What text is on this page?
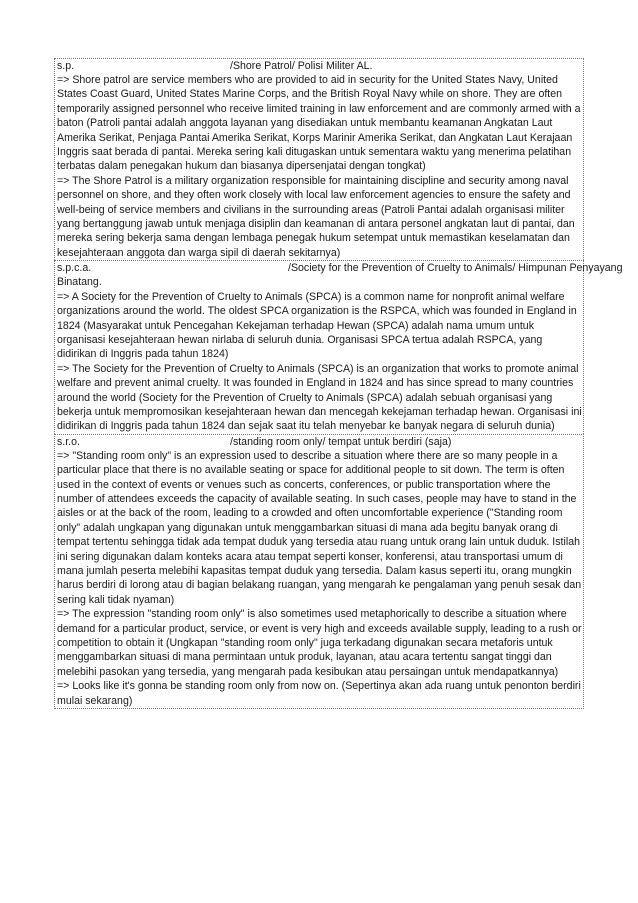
s.p.	/Shore Patrol/ Polisi Militer AL.

=> Shore patrol are service members who are provided to aid in security for the United States Navy, United States Coast Guard, United States Marine Corps, and the British Royal Navy while on shore. They are often temporarily assigned personnel who receive limited training in law enforcement and are commonly armed with a baton (Patroli pantai adalah anggota layanan yang disediakan untuk membantu keamanan Angkatan Laut Amerika Serikat, Penjaga Pantai Amerika Serikat, Korps Marinir Amerika Serikat, dan Angkatan Laut Kerajaan Inggris saat berada di pantai. Mereka sering kali ditugaskan untuk sementara waktu yang menerima pelatihan terbatas dalam penegakan hukum dan biasanya dipersenjatai dengan tongkat)

=> The Shore Patrol is a military organization responsible for maintaining discipline and security among naval personnel on shore, and they often work closely with local law enforcement agencies to ensure the safety and well-being of service members and civilians in the surrounding areas (Patroli Pantai adalah organisasi militer yang bertanggung jawab untuk menjaga disiplin dan keamanan di antara personel angkatan laut di pantai, dan mereka sering bekerja sama dengan lembaga penegak hukum setempat untuk memastikan keselamatan dan kesejahteraan anggota dan warga sipil di daerah sekitarnya)

s.p.c.a.	/Society for the Prevention of Cruelty to Animals/ Himpunan Penyayang
Binatang.

=> A Society for the Prevention of Cruelty to Animals (SPCA) is a common name for nonprofit animal welfare organizations around the world. The oldest SPCA organization is the RSPCA, which was founded in England in 1824 (Masyarakat untuk Pencegahan Kekejaman terhadap Hewan (SPCA) adalah nama umum untuk organisasi kesejahteraan hewan nirlaba di seluruh dunia. Organisasi SPCA tertua adalah RSPCA, yang didirikan di Inggris pada tahun 1824)

=> The Society for the Prevention of Cruelty to Animals (SPCA) is an organization that works to promote animal welfare and prevent animal cruelty. It was founded in England in 1824 and has since spread to many countries around the world (Society for the Prevention of Cruelty to Animals (SPCA) adalah sebuah organisasi yang bekerja untuk mempromosikan kesejahteraan hewan dan mencegah kekejaman terhadap hewan. Organisasi ini didirikan di Inggris pada tahun 1824 dan sejak saat itu telah menyebar ke banyak negara di seluruh dunia)

s.r.o.	/standing room only/ tempat untuk berdiri (saja)

=> "Standing room only" is an expression used to describe a situation where there are so many people in a particular place that there is no available seating or space for additional people to sit down. The term is often used in the context of events or venues such as concerts, conferences, or public transportation where the number of attendees exceeds the capacity of available seating. In such cases, people may have to stand in the aisles or at the back of the room, leading to a crowded and often uncomfortable experience ("Standing room only" adalah ungkapan yang digunakan untuk menggambarkan situasi di mana ada begitu banyak orang di tempat tertentu sehingga tidak ada tempat duduk yang tersedia atau ruang untuk orang lain untuk duduk. Istilah ini sering digunakan dalam konteks acara atau tempat seperti konser, konferensi, atau transportasi umum di mana jumlah peserta melebihi kapasitas tempat duduk yang tersedia. Dalam kasus seperti itu, orang mungkin harus berdiri di lorong atau di bagian belakang ruangan, yang mengarah ke pengalaman yang penuh sesak dan sering kali tidak nyaman)

=> The expression "standing room only" is also sometimes used metaphorically to describe a situation where demand for a particular product, service, or event is very high and exceeds available supply, leading to a rush or competition to obtain it (Ungkapan "standing room only" juga terkadang digunakan secara metaforis untuk menggambarkan situasi di mana permintaan untuk produk, layanan, atau acara tertentu sangat tinggi dan melebihi pasokan yang tersedia, yang mengarah pada kesibukan atau persaingan untuk mendapatkannya)

=> Looks like it's gonna be standing room only from now on. (Sepertinya akan ada ruang untuk penonton berdiri mulai sekarang)
